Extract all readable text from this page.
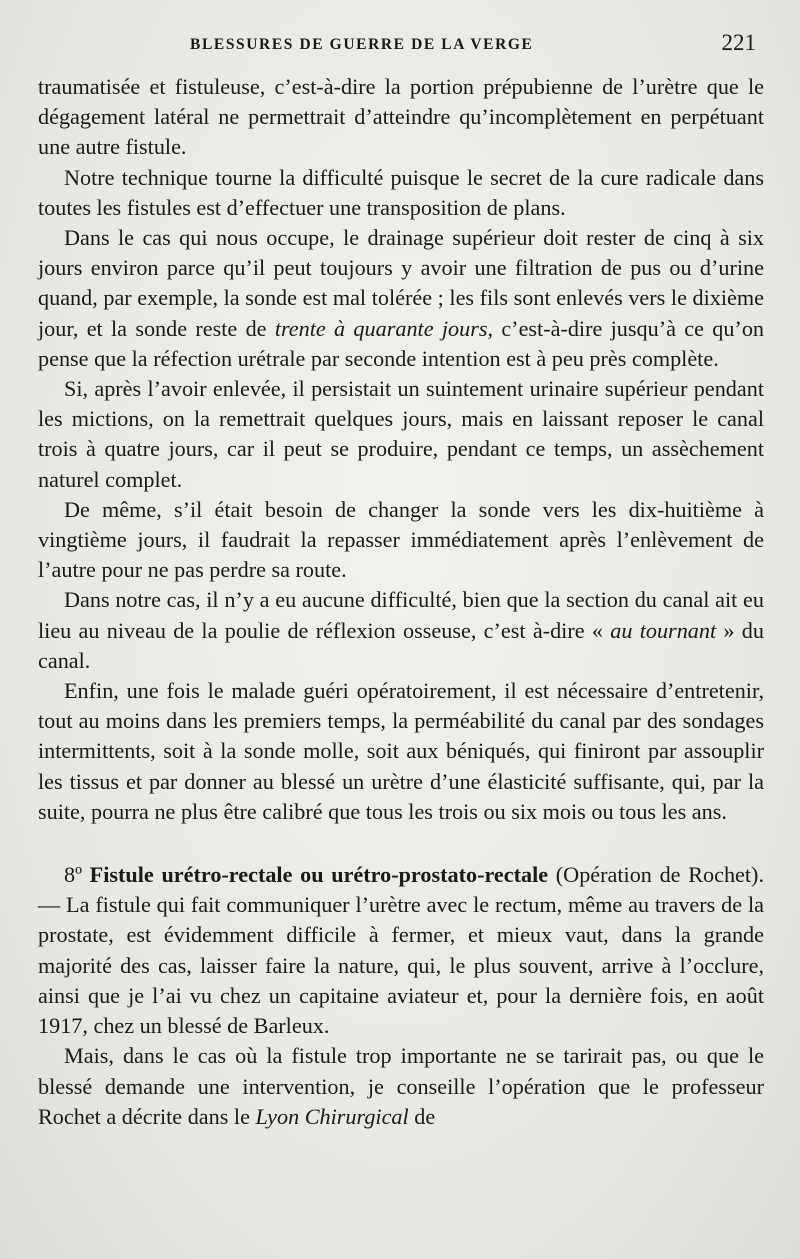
BLESSURES DE GUERRE DE LA VERGE	221

traumatisée et fistuleuse, c’est-à-dire la portion prépubienne de l’urètre que le dégagement latéral ne permettrait d’atteindre qu’incomplètement en perpétuant une autre fistule.

Notre technique tourne la difficulté puisque le secret de la cure radicale dans toutes les fistules est d’effectuer une transposition de plans.

Dans le cas qui nous occupe, le drainage supérieur doit rester de cinq à six jours environ parce qu’il peut toujours y avoir une filtration de pus ou d’urine quand, par exemple, la sonde est mal tolérée ; les fils sont enlevés vers le dixième jour, et la sonde reste de trente à quarante jours, c’est-à-dire jusqu’à ce qu’on pense que la réfection urétrale par seconde intention est à peu près complète.

Si, après l’avoir enlevée, il persistait un suintement urinaire supérieur pendant les mictions, on la remettrait quelques jours, mais en laissant reposer le canal trois à quatre jours, car il peut se produire, pendant ce temps, un assèchement naturel complet.

De même, s’il était besoin de changer la sonde vers les dix-huitième à vingtième jours, il faudrait la repasser immédiatement après l’enlèvement de l’autre pour ne pas perdre sa route.

Dans notre cas, il n’y a eu aucune difficulté, bien que la section du canal ait eu lieu au niveau de la poulie de réflexion osseuse, c’est à-dire « au tournant » du canal.

Enfin, une fois le malade guéri opératoirement, il est nécessaire d’entretenir, tout au moins dans les premiers temps, la perméabilité du canal par des sondages intermittents, soit à la sonde molle, soit aux béniqués, qui finiront par assouplir les tissus et par donner au blessé un urètre d’une élasticité suffisante, qui, par la suite, pourra ne plus être calibré que tous les trois ou six mois ou tous les ans.

8º Fistule urétro-rectale ou urétro-prostato-rectale (Opération de Rochet). — La fistule qui fait communiquer l’urètre avec le rectum, même au travers de la prostate, est évidemment difficile à fermer, et mieux vaut, dans la grande majorité des cas, laisser faire la nature, qui, le plus souvent, arrive à l’occlure, ainsi que je l’ai vu chez un capitaine aviateur et, pour la dernière fois, en août 1917, chez un blessé de Barleux.

Mais, dans le cas où la fistule trop importante ne se tarirait pas, ou que le blessé demande une intervention, je conseille l’opération que le professeur Rochet a décrite dans le Lyon Chirurgical de
